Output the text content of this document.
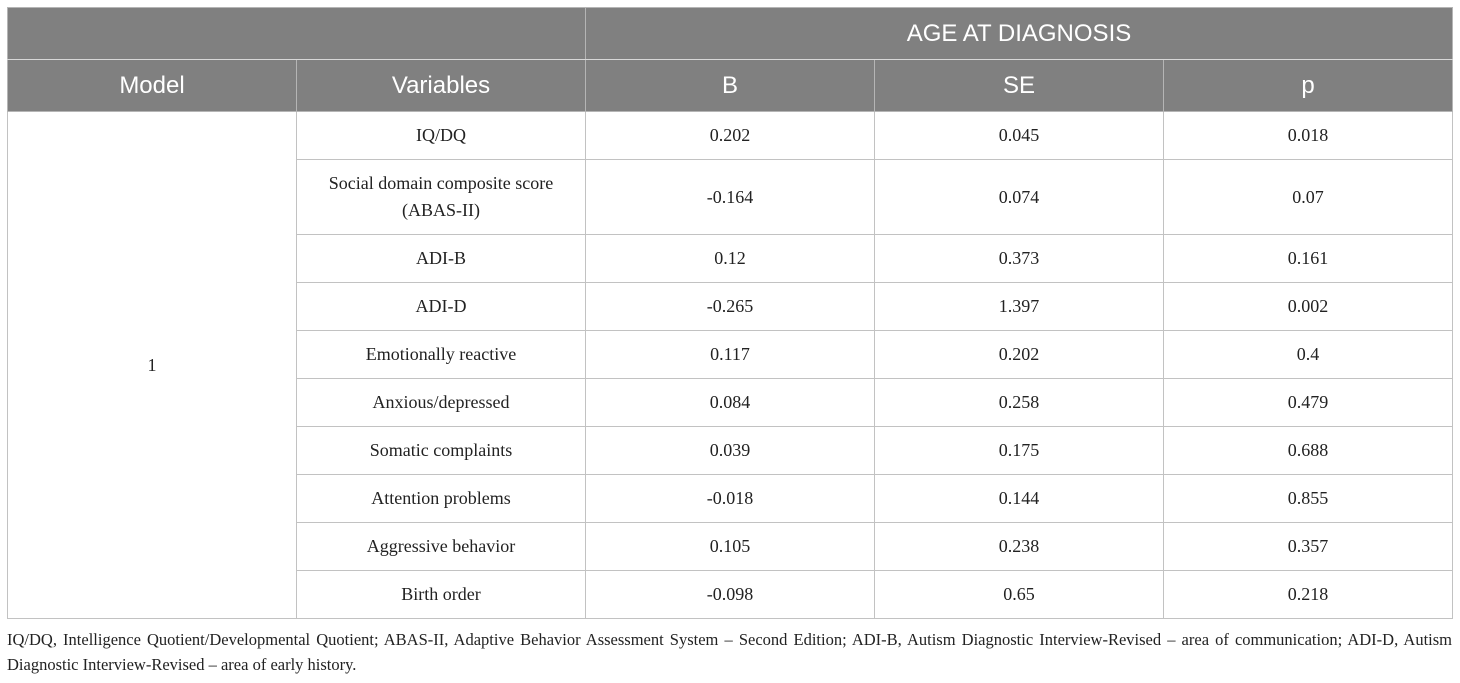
		AGE AT DIAGNOSIS		
Model	Variables	B	SE	p
1	IQ/DQ	0.202	0.045	0.018
	Social domain composite score (ABAS-II)	-0.164	0.074	0.07
	ADI-B	0.12	0.373	0.161
	ADI-D	-0.265	1.397	0.002
	Emotionally reactive	0.117	0.202	0.4
	Anxious/depressed	0.084	0.258	0.479
	Somatic complaints	0.039	0.175	0.688
	Attention problems	-0.018	0.144	0.855
	Aggressive behavior	0.105	0.238	0.357
	Birth order	-0.098	0.65	0.218
IQ/DQ, Intelligence Quotient/Developmental Quotient; ABAS-II, Adaptive Behavior Assessment System – Second Edition; ADI-B, Autism Diagnostic Interview-Revised – area of communication; ADI-D, Autism Diagnostic Interview-Revised – area of early history.
